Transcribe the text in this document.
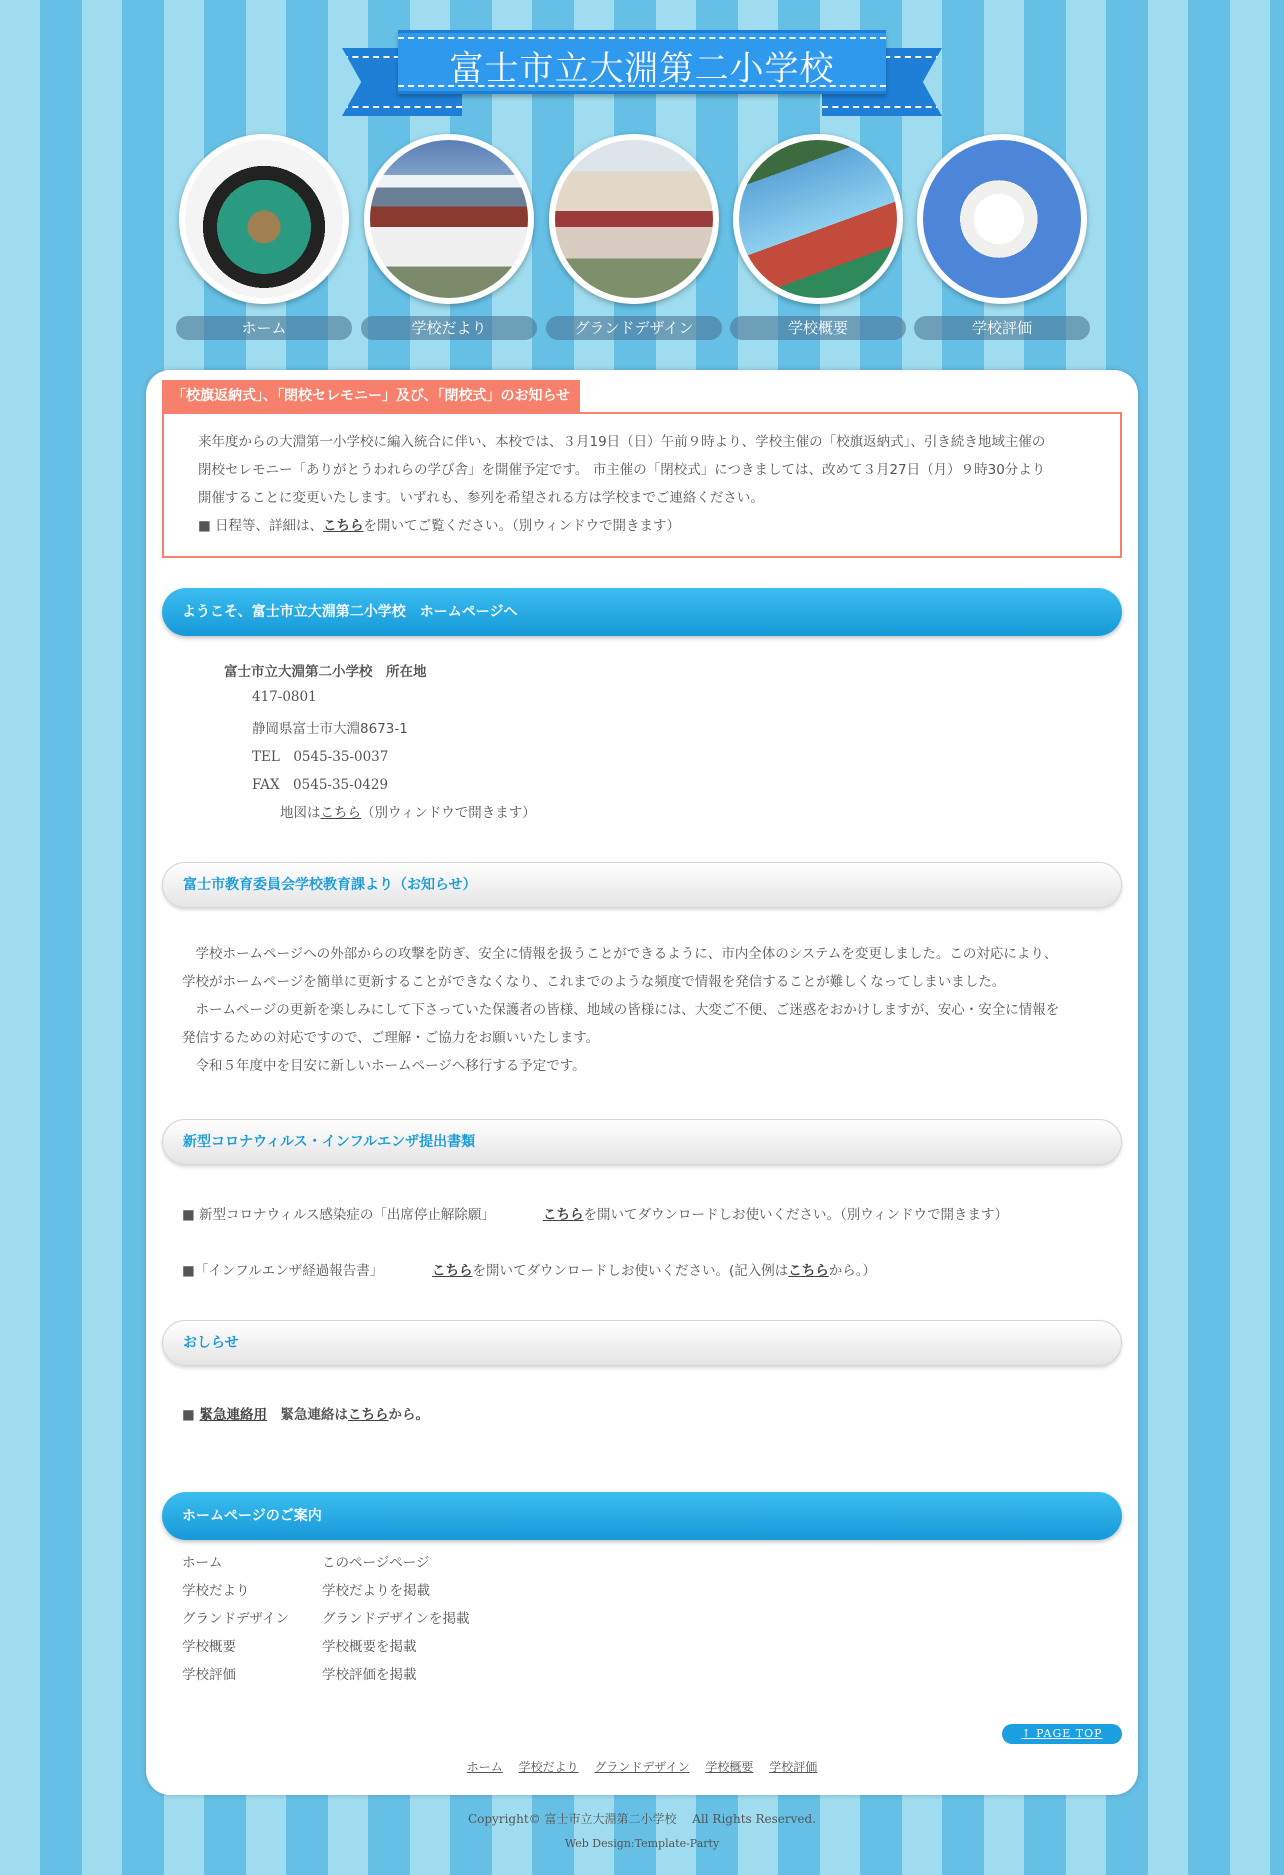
富士市立大淵第二小学校
ホーム	学校だより	グランドデザイン	学校概要	学校評価
「校旗返納式」、「閉校セレモニー」及び、「閉校式」のお知らせ

来年度からの大淵第一小学校に編入統合に伴い、本校では、３月19日（日）午前９時より、学校主催の「校旗返納式」、引き続き地域主催の

閉校セレモニー「ありがとうわれらの学び舎」を開催予定です。 市主催の「閉校式」につきましては、改めて３月27日（月）９時30分より

開催することに変更いたします。いずれも、参列を希望される方は学校までご連絡ください。

■ 日程等、詳細は、こちらを開いてご覧ください。（別ウィンドウで開きます）

ようこそ、富士市立大淵第二小学校　ホームページへ
富士市立大淵第二小学校　所在地
417-0801
静岡県富士市大淵8673-1
TEL　0545-35-0037
FAX　0545-35-0429
地図はこちら（別ウィンドウで開きます）
富士市教育委員会学校教育課より（お知らせ）
　学校ホームページへの外部からの攻撃を防ぎ、安全に情報を扱うことができるように、市内全体のシステムを変更しました。この対応により、
学校がホームページを簡単に更新することができなくなり、これまでのような頻度で情報を発信することが難しくなってしまいました。
　ホームページの更新を楽しみにして下さっていた保護者の皆様、地域の皆様には、大変ご不便、ご迷惑をおかけしますが、安心・安全に情報を
発信するための対応ですので、ご理解・ご協力をお願いいたします。
　令和５年度中を目安に新しいホームページへ移行する予定です。
新型コロナウィルス・インフルエンザ提出書類
■ 新型コロナウィルス感染症の「出席停止解除願」	こちらを開いてダウンロードしお使いください。（別ウィンドウで開きます）
■「インフルエンザ経過報告書」	こちらを開いてダウンロードしお使いください。(記入例はこちらから。）
おしらせ
■ 緊急連絡用　緊急連絡はこちらから。
ホームページのご案内
ホーム	このページページ
学校だより	学校だよりを掲載
グランドデザイン グランドデザインを掲載
学校概要	学校概要を掲載
学校評価	学校評価を掲載
↑ PAGE TOP
ホーム 学校だより グランドデザイン 学校概要 学校評価
Copyright© 富士市立大淵第二小学校　 All Rights Reserved.
Web Design:Template-Party
